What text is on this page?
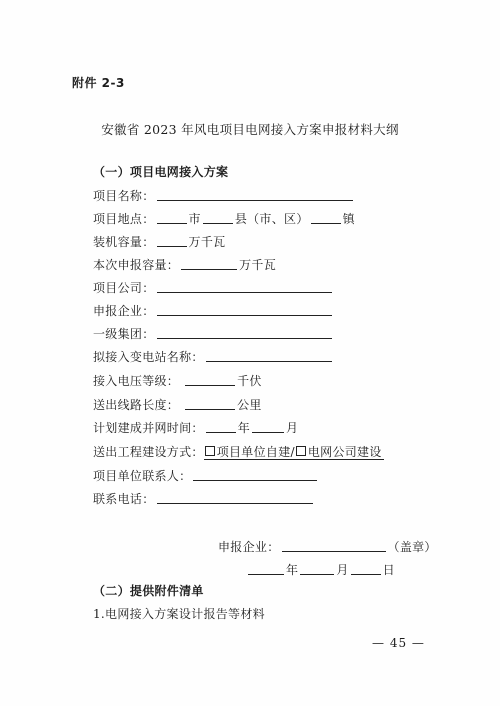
附件 2-3
安徽省 2023 年风电项目电网接入方案申报材料大纲
（一）项目电网接入方案
项目名称：
项目地点：	市	县（市、区）	镇
装机容量：	万千瓦
本次申报容量：	万千瓦
项目公司：
申报企业：
一级集团：
拟接入变电站名称：
接入电压等级：	千伏
送出线路长度：	公里
计划建成并网时间：	年	月
送出工程建设方式： 项目单位自建/ 电网公司建设
项目单位联系人：
联系电话：
申报企业：	（盖章）
年	月	日
（二）提供附件清单
1.电网接入方案设计报告等材料
— 45 —
